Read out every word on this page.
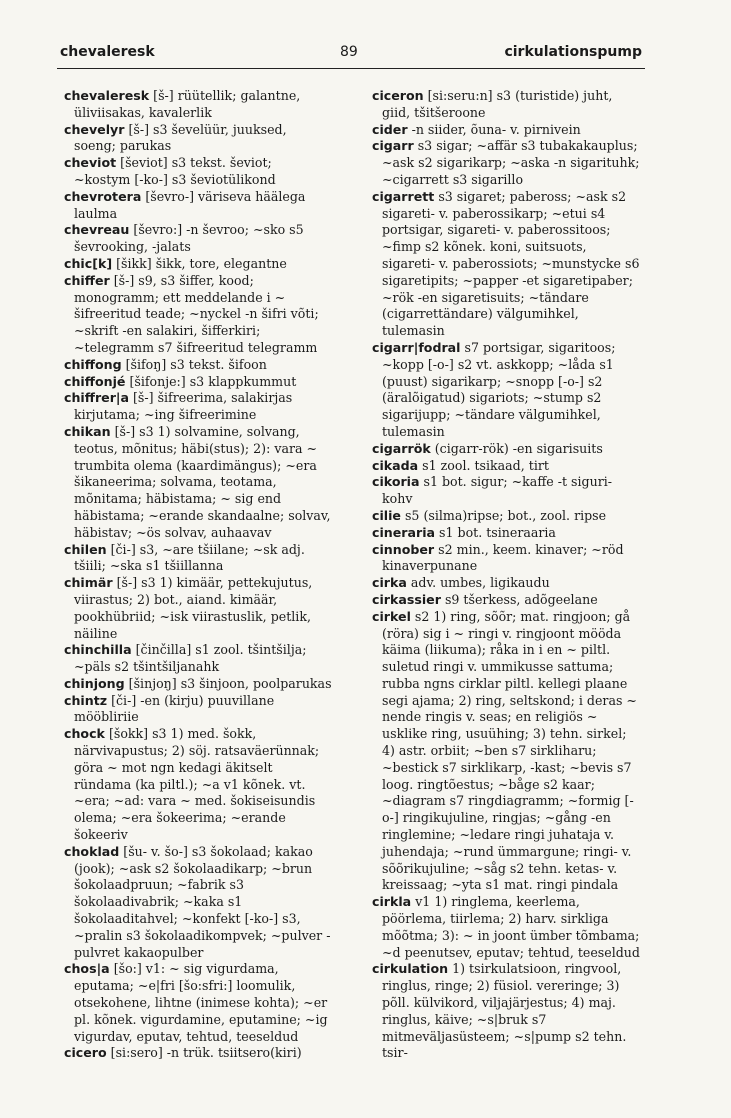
chevaleresk	89	cirkulationspump

chevaleresk [š-] rüütellik; galantne, üliviisakas, kavalerlik

chevelyr [š-] s3 ševelüür, juuksed, soeng; parukas

cheviot [ševiot] s3 tekst. ševiot; ~kostym [-ko-] s3 ševiotülikond

chevrotera [ševro-] väriseva häälega laulma

chevreau [ševro:] -n ševroo; ~sko s5 ševrooking, -jalats

chic[k] [šikk] šikk, tore, elegantne

chiffer [š-] s9, s3 šiffer, kood; monogramm; ett meddelande i ~ šifreeritud teade; ~nyckel -n šifri võti; ~skrift -en salakiri, šifferkiri; ~telegramm s7 šifreeritud telegramm

chiffong [šifoŋ] s3 tekst. šifoon

chiffonjé [šifonje:] s3 klappkummut

chiffrer|a [š-] šifreerima, salakirjas kirjutama; ~ing šifreerimine

chikan [š-] s3 1) solvamine, solvang, teotus, mõnitus; häbi(stus); 2): vara ~ trumbita olema (kaardimängus); ~era šikaneerima; solvama, teotama, mõnitama; häbistama; ~ sig end häbistama; ~erande skandaalne; solvav, häbistav; ~ös solvav, auhaavav

chilen [či-] s3, ~are tšiilane; ~sk adj. tšiili; ~ska s1 tšiillanna

chimär [š-] s3 1) kimäär, pettekujutus, viirastus; 2) bot., aiand. kimäär, pookhübriid; ~isk viirastuslik, petlik, näiline

chinchilla [činčilla] s1 zool. tšintšilja; ~päls s2 tšintšiljanahk

chinjong [šinjoŋ] s3 šinjoon, poolparukas

chintz [či-] -en (kirju) puuvillane mööbliriie

chock [šokk] s3 1) med. šokk, närvivapustus; 2) söj. ratsaväerünnak; göra ~ mot ngn kedagi äkitselt ründama (ka piltl.); ~a v1 kõnek. vt. ~era; ~ad: vara ~ med. šokiseisundis olema; ~era šokeerima; ~erande šokeeriv

choklad [šu- v. šo-] s3 šokolaad; kakao (jook); ~ask s2 šokolaadikarp; ~brun šokolaadpruun; ~fabrik s3 šokolaadivabrik; ~kaka s1 šokolaaditahvel; ~konfekt [-ko-] s3, ~pralin s3 šokolaadikompvek; ~pulver -pulvret kakaopulber

chos|a [šo:] v1: ~ sig vigurdama, eputama; ~e|fri [šo:sfri:] loomulik, otsekohene, lihtne (inimese kohta); ~er pl. kõnek. vigurdamine, eputamine; ~ig vigurdav, eputav, tehtud, teeseldud

cicero [si:sero] -n trük. tsiitsero(kiri)

ciceron [si:seru:n] s3 (turistide) juht, giid, tšitšeroone

cider -n siider, õuna- v. pirnivein

cigarr s3 sigar; ~affär s3 tubakakauplus; ~ask s2 sigarikarp; ~aska -n sigarituhk; ~cigarrett s3 sigarillo

cigarrett s3 sigaret; pabeross; ~ask s2 sigareti- v. paberossikarp; ~etui s4 portsigar, sigareti- v. paberossitoos; ~fimp s2 kõnek. koni, suitsuots, sigareti- v. paberossiots; ~munstycke s6 sigaretipits; ~papper -et sigaretipaber; ~rök -en sigaretisuits; ~tändare (cigarrettändare) välgumihkel, tulemasin

cigarr|fodral s7 portsigar, sigaritoos; ~kopp [-o-] s2 vt. askkopp; ~låda s1 (puust) sigarikarp; ~snopp [-o-] s2 (äralõigatud) sigariots; ~stump s2 sigarijupp; ~tändare välgumihkel, tulemasin

cigarrök (cigarr-rök) -en sigarisuits

cikada s1 zool. tsikaad, tirt

cikoria s1 bot. sigur; ~kaffe -t siguri-kohv

cilie s5 (silma)ripse; bot., zool. ripse

cineraria s1 bot. tsineraaria

cinnober s2 min., keem. kinaver; ~röd kinaverpunane

cirka adv. umbes, ligikaudu

cirkassier s9 tšerkess, adõgeelane

cirkel s2 1) ring, sõõr; mat. ringjoon; gå (röra) sig i ~ ringi v. ringjoont mööda käima (liikuma); råka in i en ~ piltl. suletud ringi v. ummikusse sattuma; rubba ngns cirklar piltl. kellegi plaane segi ajama; 2) ring, seltskond; i deras ~ nende ringis v. seas; en religiös ~ usklike ring, usuühing; 3) tehn. sirkel; 4) astr. orbiit; ~ben s7 sirkliharu; ~bestick s7 sirklikarp, -kast; ~bevis s7 loog. ringtõestus; ~båge s2 kaar; ~diagram s7 ringdiagramm; ~formig [-o-] ringikujuline, ringjas; ~gång -en ringlemine; ~ledare ringi juhataja v. juhendaja; ~rund ümmargune; ringi- v. sõõrikujuline; ~såg s2 tehn. ketas- v. kreissaag; ~yta s1 mat. ringi pindala

cirkla v1 1) ringlema, keerlema, pöörlema, tiirlema; 2) harv. sirkliga mõõtma; 3): ~ in joont ümber tõmbama; ~d peenutsev, eputav; tehtud, teeseldud

cirkulation 1) tsirkulatsioon, ringvool, ringlus, ringe; 2) füsiol. vereringe; 3) põll. külvikord, viljajärjestus; 4) maj. ringlus, käive; ~s|bruk s7 mitmeväljasüsteem; ~s|pump s2 tehn. tsir-
